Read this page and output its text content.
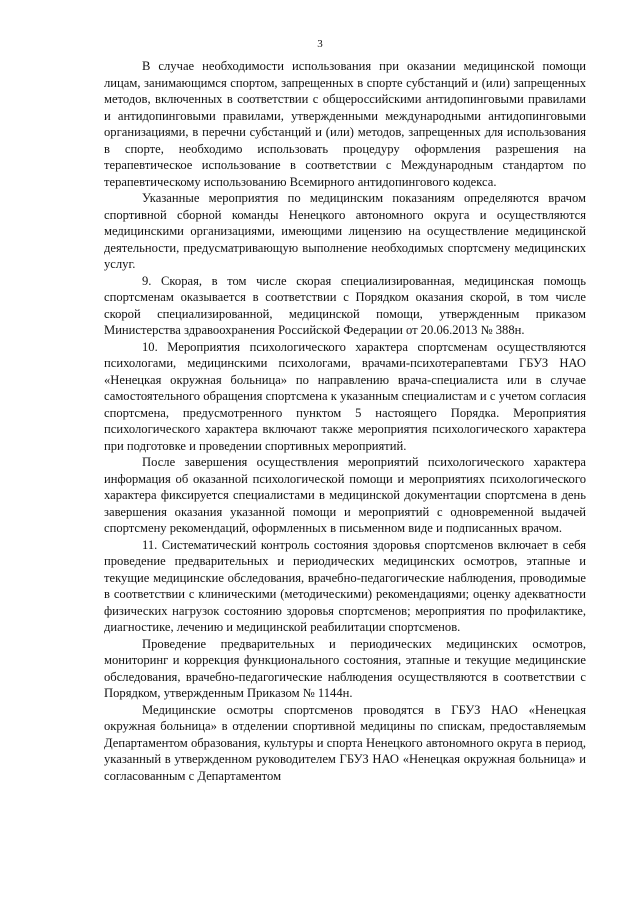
3

В случае необходимости использования при оказании медицинской помощи лицам, занимающимся спортом, запрещенных в спорте субстанций и (или) запрещенных методов, включенных в соответствии с общероссийскими антидопинговыми правилами и антидопинговыми правилами, утвержденными международными антидопинговыми организациями, в перечни субстанций и (или) методов, запрещенных для использования в спорте, необходимо использовать процедуру оформления разрешения на терапевтическое использование в соответствии с Международным стандартом по терапевтическому использованию Всемирного антидопингового кодекса.

Указанные мероприятия по медицинским показаниям определяются врачом спортивной сборной команды Ненецкого автономного округа и осуществляются медицинскими организациями, имеющими лицензию на осуществление медицинской деятельности, предусматривающую выполнение необходимых спортсмену медицинских услуг.

9. Скорая, в том числе скорая специализированная, медицинская помощь спортсменам оказывается в соответствии с Порядком оказания скорой, в том числе скорой специализированной, медицинской помощи, утвержденным приказом Министерства здравоохранения Российской Федерации от 20.06.2013 № 388н.

10. Мероприятия психологического характера спортсменам осуществляются психологами, медицинскими психологами, врачами-психотерапевтами ГБУЗ НАО «Ненецкая окружная больница» по направлению врача-специалиста или в случае самостоятельного обращения спортсмена к указанным специалистам и с учетом согласия спортсмена, предусмотренного пунктом 5 настоящего Порядка. Мероприятия психологического характера включают также мероприятия психологического характера при подготовке и проведении спортивных мероприятий.

После завершения осуществления мероприятий психологического характера информация об оказанной психологической помощи и мероприятиях психологического характера фиксируется специалистами в медицинской документации спортсмена в день завершения оказания указанной помощи и мероприятий с одновременной выдачей спортсмену рекомендаций, оформленных в письменном виде и подписанных врачом.

11. Систематический контроль состояния здоровья спортсменов включает в себя проведение предварительных и периодических медицинских осмотров, этапные и текущие медицинские обследования, врачебно-педагогические наблюдения, проводимые в соответствии с клиническими (методическими) рекомендациями; оценку адекватности физических нагрузок состоянию здоровья спортсменов; мероприятия по профилактике, диагностике, лечению и медицинской реабилитации спортсменов.

Проведение предварительных и периодических медицинских осмотров, мониторинг и коррекция функционального состояния, этапные и текущие медицинские обследования, врачебно-педагогические наблюдения осуществляются в соответствии с Порядком, утвержденным Приказом № 1144н.

Медицинские осмотры спортсменов проводятся в ГБУЗ НАО «Ненецкая окружная больница» в отделении спортивной медицины по спискам, предоставляемым Департаментом образования, культуры и спорта Ненецкого автономного округа в период, указанный в утвержденном руководителем ГБУЗ НАО «Ненецкая окружная больница» и согласованным с Департаментом
